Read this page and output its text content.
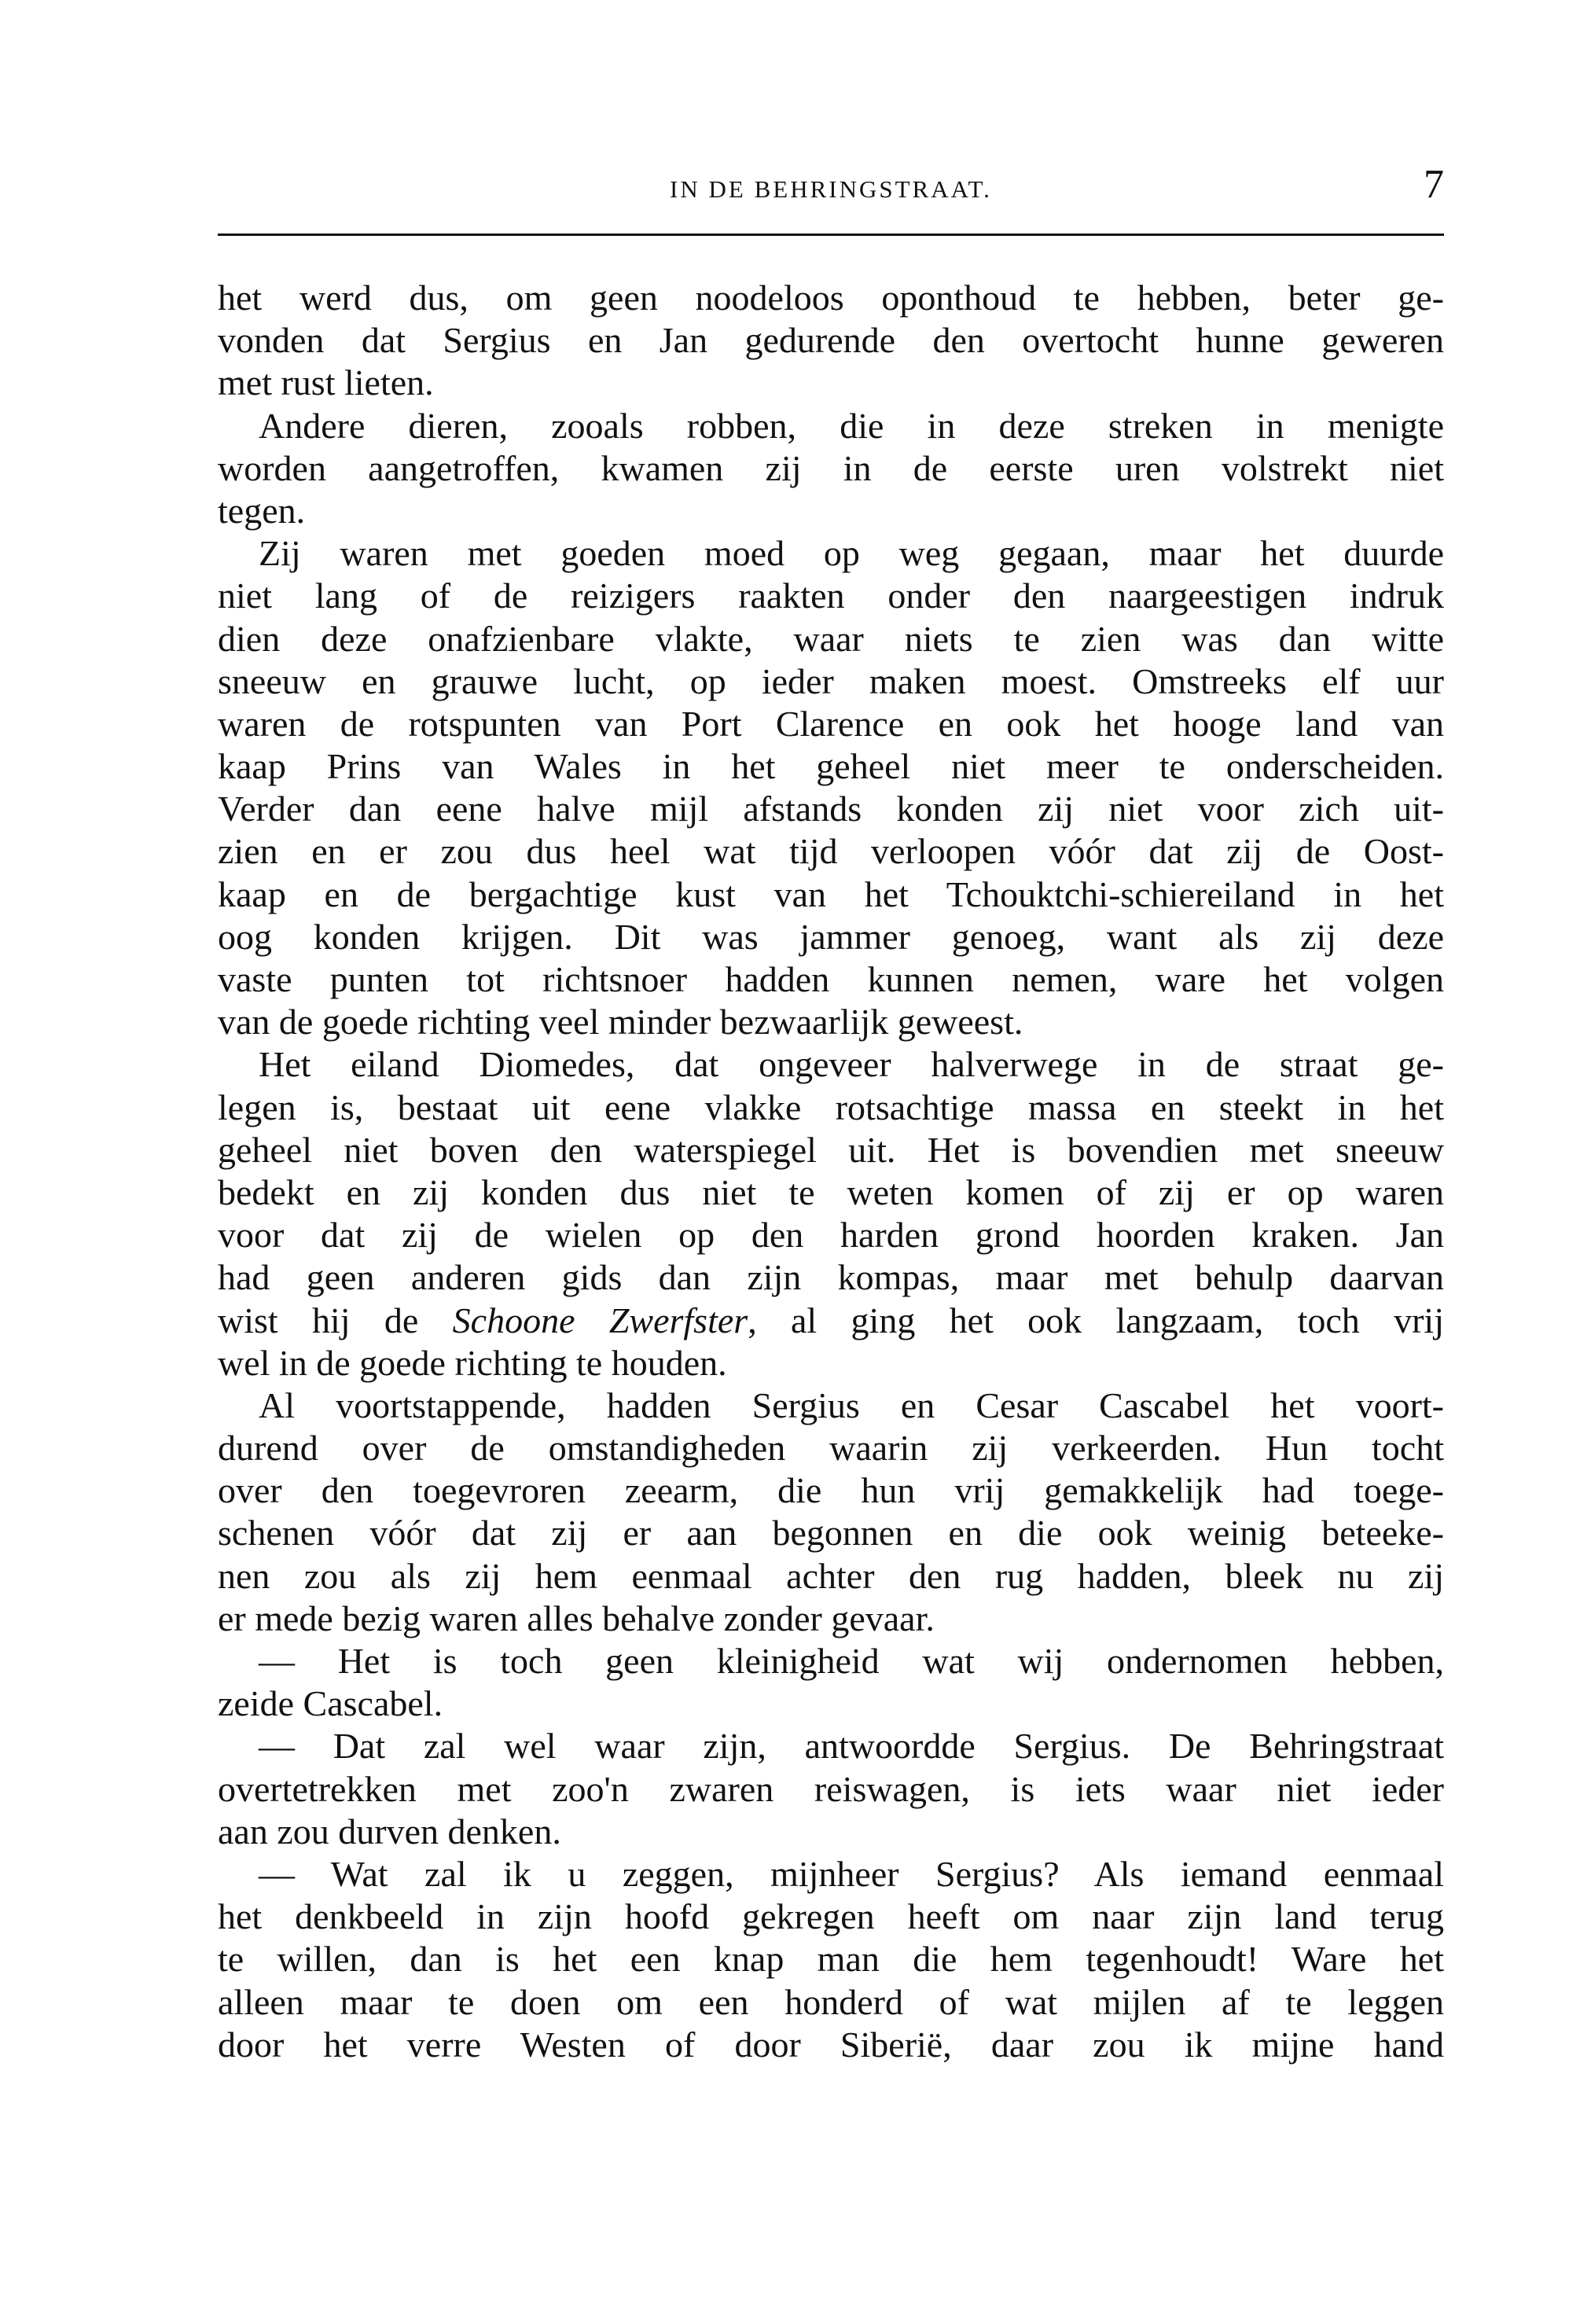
IN DE BEHRINGSTRAAT.	7
het werd dus, om geen noodeloos oponthoud te hebben, beter ge-
vonden dat Sergius en Jan gedurende den overtocht hunne geweren
met rust lieten.
Andere dieren, zooals robben, die in deze streken in menigte
worden aangetroffen, kwamen zij in de eerste uren volstrekt niet
tegen.
Zij waren met goeden moed op weg gegaan, maar het duurde
niet lang of de reizigers raakten onder den naargeestigen indruk
dien deze onafzienbare vlakte, waar niets te zien was dan witte
sneeuw en grauwe lucht, op ieder maken moest. Omstreeks elf uur
waren de rotspunten van Port Clarence en ook het hooge land van
kaap Prins van Wales in het geheel niet meer te onderscheiden.
Verder dan eene halve mijl afstands konden zij niet voor zich uit-
zien en er zou dus heel wat tijd verloopen vóór dat zij de Oost-
kaap en de bergachtige kust van het Tchouktchi-schiereiland in het
oog konden krijgen. Dit was jammer genoeg, want als zij deze
vaste punten tot richtsnoer hadden kunnen nemen, ware het volgen
van de goede richting veel minder bezwaarlijk geweest.
Het eiland Diomedes, dat ongeveer halverwege in de straat ge-
legen is, bestaat uit eene vlakke rotsachtige massa en steekt in het
geheel niet boven den waterspiegel uit. Het is bovendien met sneeuw
bedekt en zij konden dus niet te weten komen of zij er op waren
voor dat zij de wielen op den harden grond hoorden kraken. Jan
had geen anderen gids dan zijn kompas, maar met behulp daarvan
wist hij de Schoone Zwerfster, al ging het ook langzaam, toch vrij
wel in de goede richting te houden.
Al voortstappende, hadden Sergius en Cesar Cascabel het voort-
durend over de omstandigheden waarin zij verkeerden. Hun tocht
over den toegevroren zeearm, die hun vrij gemakkelijk had toege-
schenen vóór dat zij er aan begonnen en die ook weinig beteeke-
nen zou als zij hem eenmaal achter den rug hadden, bleek nu zij
er mede bezig waren alles behalve zonder gevaar.
— Het is toch geen kleinigheid wat wij ondernomen hebben,
zeide Cascabel.
— Dat zal wel waar zijn, antwoordde Sergius. De Behringstraat
overtetrekken met zoo'n zwaren reiswagen, is iets waar niet ieder
aan zou durven denken.
— Wat zal ik u zeggen, mijnheer Sergius? Als iemand eenmaal
het denkbeeld in zijn hoofd gekregen heeft om naar zijn land terug
te willen, dan is het een knap man die hem tegenhoudt! Ware het
alleen maar te doen om een honderd of wat mijlen af te leggen
door het verre Westen of door Siberië, daar zou ik mijne hand
